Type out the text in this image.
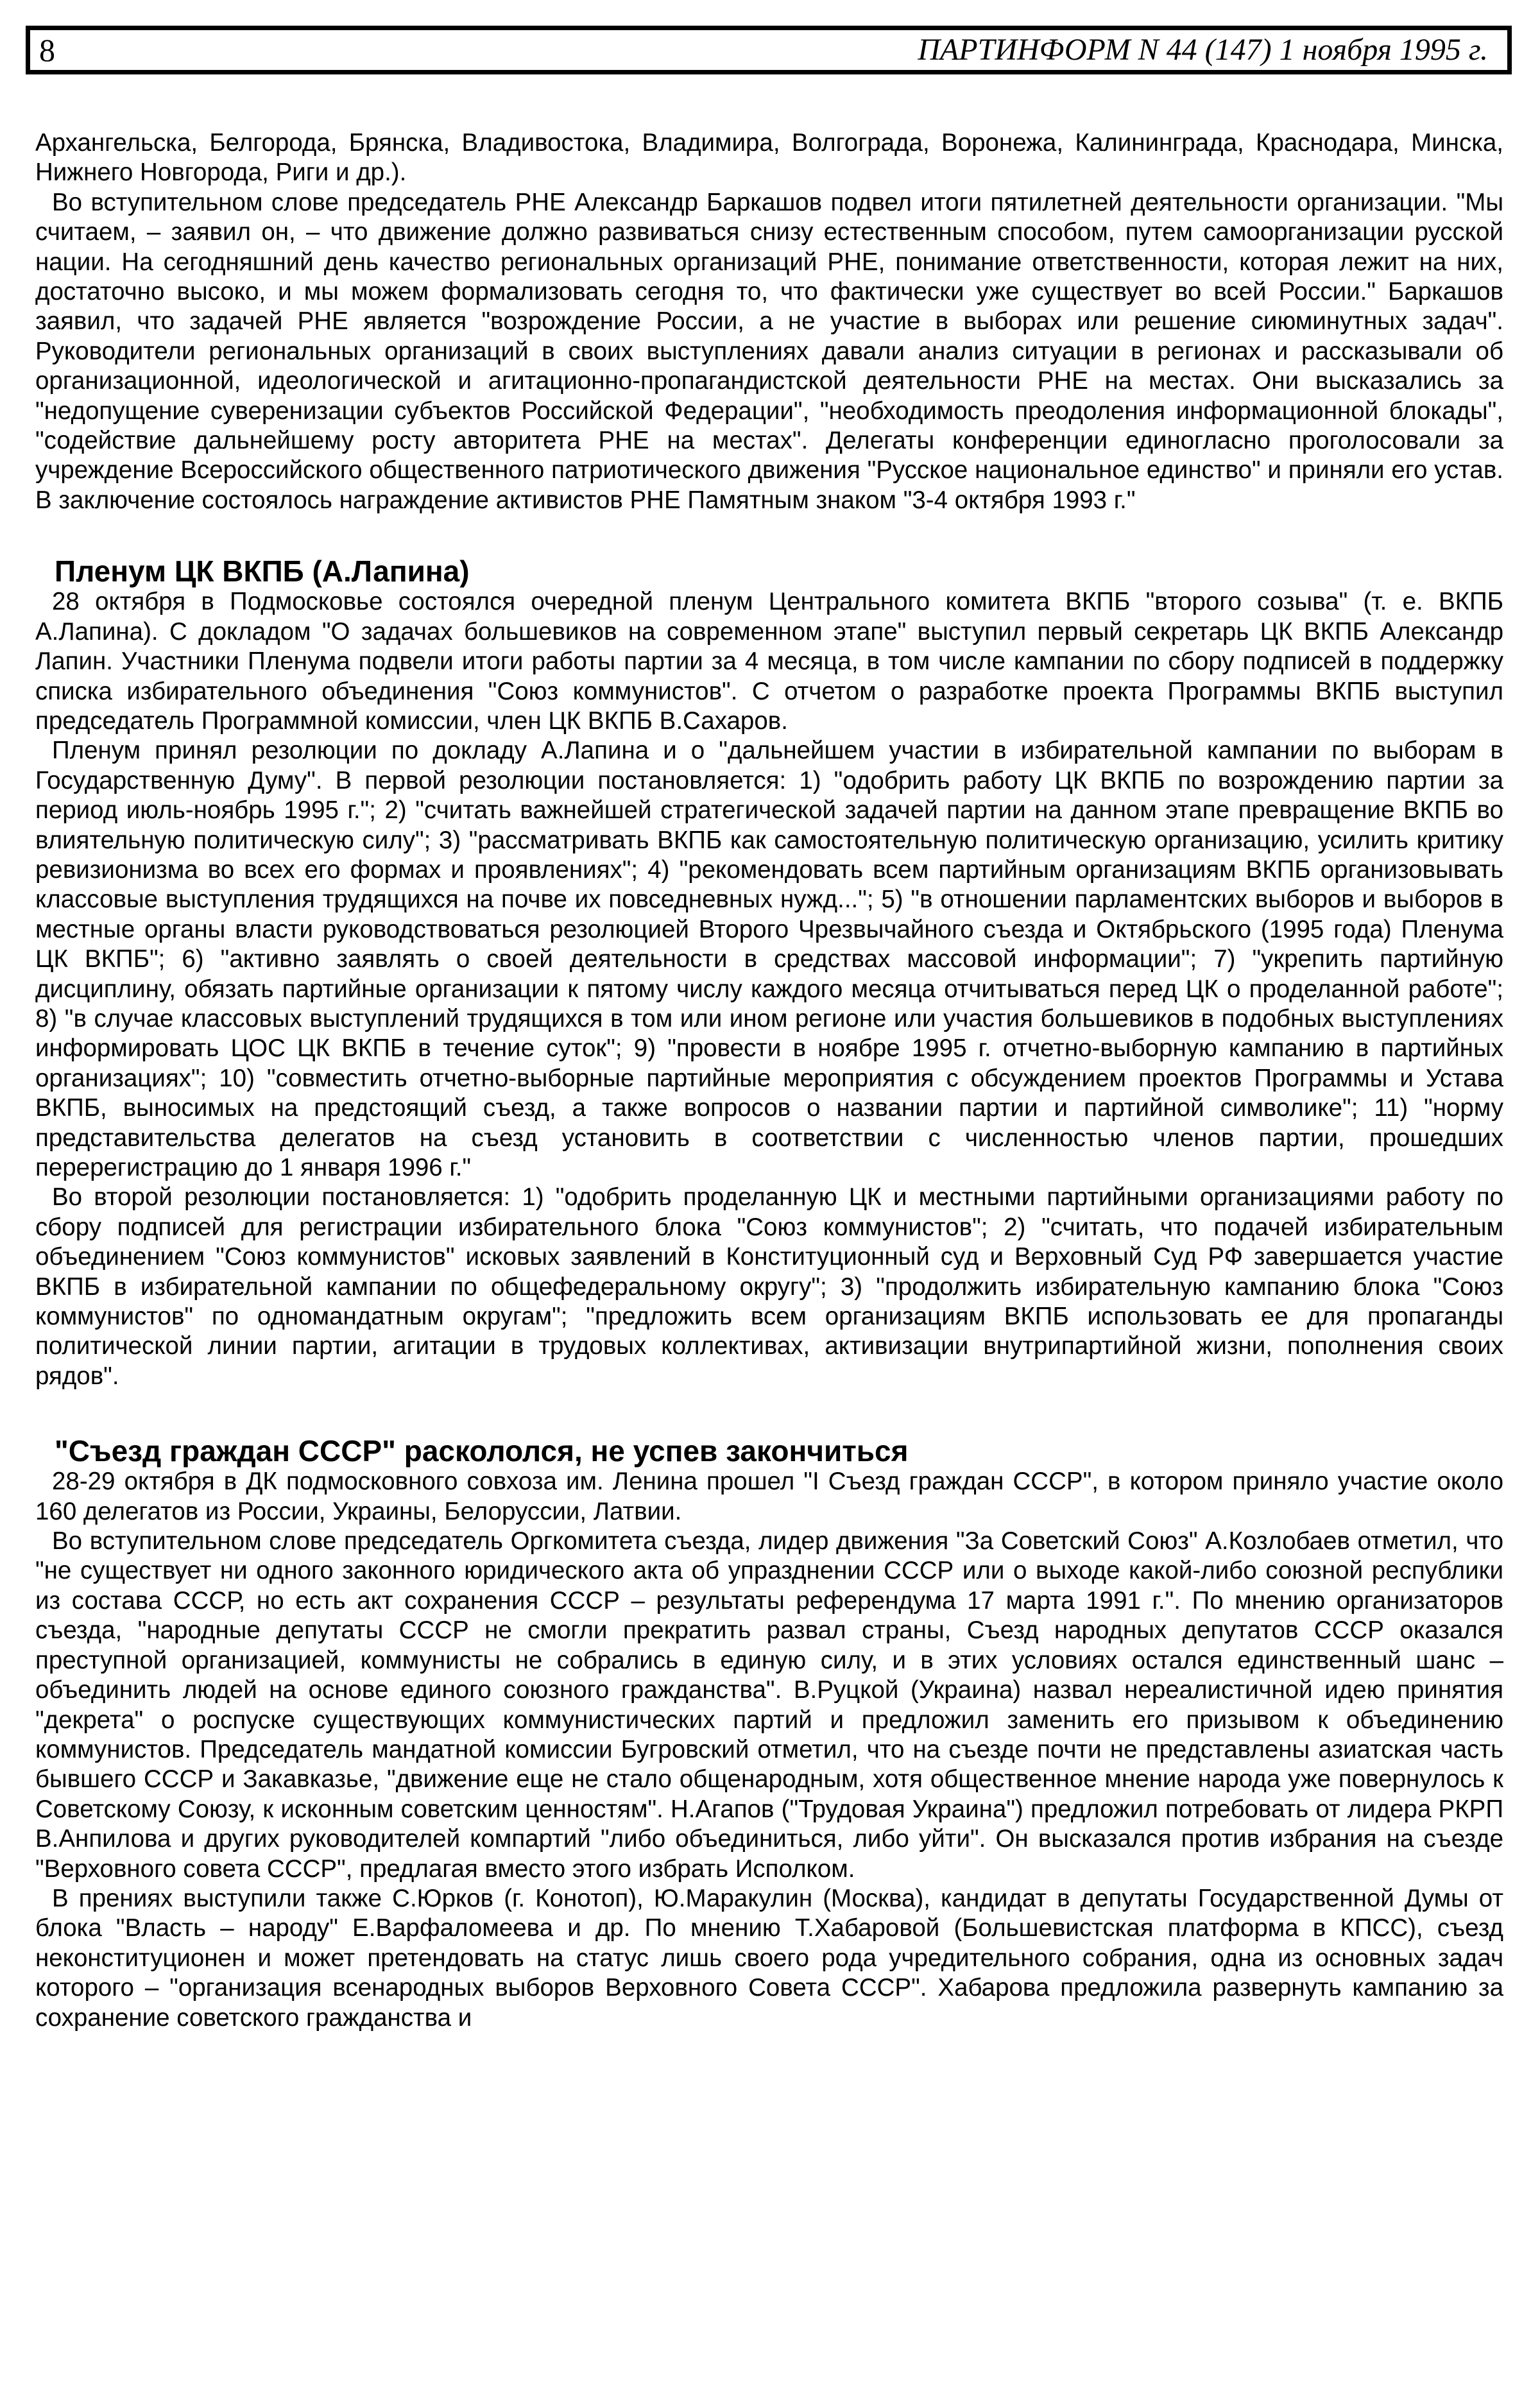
8	ПАРТИНФОРМ N 44 (147) 1 ноября 1995 г.

Архангельска, Белгорода, Брянска, Владивостока, Владимира, Волгограда, Воронежа, Калининграда, Краснодара, Минска, Нижнего Новгорода, Риги и др.).

Во вступительном слове председатель РНЕ Александр Баркашов подвел итоги пятилетней деятельности организации. "Мы считаем, – заявил он, – что движение должно развиваться снизу естественным способом, путем самоорганизации русской нации. На сегодняшний день качество региональных организаций РНЕ, понимание ответственности, которая лежит на них, достаточно высоко, и мы можем формализовать сегодня то, что фактически уже существует во всей России." Баркашов заявил, что задачей РНЕ является "возрождение России, а не участие в выборах или решение сиюминутных задач". Руководители региональных организаций в своих выступлениях давали анализ ситуации в регионах и рассказывали об организационной, идеологической и агитационно-пропагандистской деятельности РНЕ на местах. Они высказались за "недопущение суверенизации субъектов Российской Федерации", "необходимость преодоления информационной блокады", "содействие дальнейшему росту авторитета РНЕ на местах". Делегаты конференции единогласно проголосовали за учреждение Всероссийского общественного патриотического движения "Русское национальное единство" и приняли его устав. В заключение состоялось награждение активистов РНЕ Памятным знаком "3-4 октября 1993 г."

Пленум ЦК ВКПБ (А.Лапина)

28 октября в Подмосковье состоялся очередной пленум Центрального комитета ВКПБ "второго созыва" (т. е. ВКПБ А.Лапина). С докладом "О задачах большевиков на современном этапе" выступил первый секретарь ЦК ВКПБ Александр Лапин. Участники Пленума подвели итоги работы партии за 4 месяца, в том числе кампании по сбору подписей в поддержку списка избирательного объединения "Союз коммунистов". С отчетом о разработке проекта Программы ВКПБ выступил председатель Программной комиссии, член ЦК ВКПБ В.Сахаров.

Пленум принял резолюции по докладу А.Лапина и о "дальнейшем участии в избирательной кампании по выборам в Государственную Думу". В первой резолюции постановляется: 1) "одобрить работу ЦК ВКПБ по возрождению партии за период июль-ноябрь 1995 г."; 2) "считать важнейшей стратегической задачей партии на данном этапе превращение ВКПБ во влиятельную политическую силу"; 3) "рассматривать ВКПБ как самостоятельную политическую организацию, усилить критику ревизионизма во всех его формах и проявлениях"; 4) "рекомендовать всем партийным организациям ВКПБ организовывать классовые выступления трудящихся на почве их повседневных нужд..."; 5) "в отношении парламентских выборов и выборов в местные органы власти руководствоваться резолюцией Второго Чрезвычайного съезда и Октябрьского (1995 года) Пленума ЦК ВКПБ"; 6) "активно заявлять о своей деятельности в средствах массовой информации"; 7) "укрепить партийную дисциплину, обязать партийные организации к пятому числу каждого месяца отчитываться перед ЦК о проделанной работе"; 8) "в случае классовых выступлений трудящихся в том или ином регионе или участия большевиков в подобных выступлениях информировать ЦОС ЦК ВКПБ в течение суток"; 9) "провести в ноябре 1995 г. отчетно-выборную кампанию в партийных организациях"; 10) "совместить отчетно-выборные партийные мероприятия с обсуждением проектов Программы и Устава ВКПБ, выносимых на предстоящий съезд, а также вопросов о названии партии и партийной символике"; 11) "норму представительства делегатов на съезд установить в соответствии с численностью членов партии, прошедших перерегистрацию до 1 января 1996 г."

Во второй резолюции постановляется: 1) "одобрить проделанную ЦК и местными партийными организациями работу по сбору подписей для регистрации избирательного блока "Союз коммунистов"; 2) "считать, что подачей избирательным объединением "Союз коммунистов" исковых заявлений в Конституционный суд и Верховный Суд РФ завершается участие ВКПБ в избирательной кампании по общефедеральному округу"; 3) "продолжить избирательную кампанию блока "Союз коммунистов" по одномандатным округам"; "предложить всем организациям ВКПБ использовать ее для пропаганды политической линии партии, агитации в трудовых коллективах, активизации внутрипартийной жизни, пополнения своих рядов".

"Съезд граждан СССР" раскололся, не успев закончиться

28-29 октября в ДК подмосковного совхоза им. Ленина прошел "I Съезд граждан СССР", в котором приняло участие около 160 делегатов из России, Украины, Белоруссии, Латвии.

Во вступительном слове председатель Оргкомитета съезда, лидер движения "За Советский Союз" А.Козлобаев отметил, что "не существует ни одного законного юридического акта об упразднении СССР или о выходе какой-либо союзной республики из состава СССР, но есть акт сохранения СССР – результаты референдума 17 марта 1991 г.". По мнению организаторов съезда, "народные депутаты СССР не смогли прекратить развал страны, Съезд народных депутатов СССР оказался преступной организацией, коммунисты не собрались в единую силу, и в этих условиях остался единственный шанс – объединить людей на основе единого союзного гражданства". В.Руцкой (Украина) назвал нереалистичной идею принятия "декрета" о роспуске существующих коммунистических партий и предложил заменить его призывом к объединению коммунистов. Председатель мандатной комиссии Бугровский отметил, что на съезде почти не представлены азиатская часть бывшего СССР и Закавказье, "движение еще не стало общенародным, хотя общественное мнение народа уже повернулось к Советскому Союзу, к исконным советским ценностям". Н.Агапов ("Трудовая Украина") предложил потребовать от лидера РКРП В.Анпилова и других руководителей компартий "либо объединиться, либо уйти". Он высказался против избрания на съезде "Верховного совета СССР", предлагая вместо этого избрать Исполком.

В прениях выступили также С.Юрков (г. Конотоп), Ю.Маракулин (Москва), кандидат в депутаты Государственной Думы от блока "Власть – народу" Е.Варфаломеева и др. По мнению Т.Хабаровой (Большевистская платформа в КПСС), съезд неконституционен и может претендовать на статус лишь своего рода учредительного собрания, одна из основных задач которого – "организация всенародных выборов Верховного Совета СССР". Хабарова предложила развернуть кампанию за сохранение советского гражданства и
